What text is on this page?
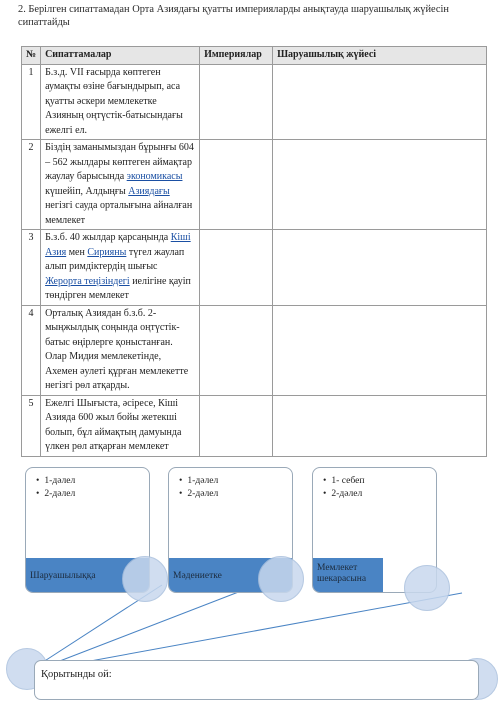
2. Берілген сипаттамадан Орта Азиядағы қуатты империяларды анықтауда шаруашылық жүйесін сипаттайды
№	Сипаттамалар	Империялар	Шаруашылық жүйесі
1	Б.з.д. VII ғасырда көптеген аумақты өзіне бағындырып, аса қуатты әскери мемлекетке Азияның оңтүстік-батысындағы ежелгі ел.		
2	Біздің заманымыздан бұрынғы 604 – 562 жылдары көптеген аймақтар жаулау барысында экономикасы күшейіп, Алдыңғы Азиядағы негізгі сауда орталығына айналған мемлекет		
3	Б.з.б. 40 жылдар қарсаңында Кіші Азия мен Сирияны түгел жаулап алып римдіктердің шығыс Жерорта теңізіндегі иелігіне қауіп төндірген мемлекет		
4	Орталық Азиядан б.з.б. 2-мыңжылдық соңында оңтүстік-батыс өңірлерге қоныстанған. Олар Мидия мемлекетінде, Ахемен әулеті құрған мемлекетте негізгі рөл атқарды.		
5	Ежелгі Шығыста, әсіресе, Кіші Азияда 600 жыл бойы жетекші болып, бұл аймақтың дамуында үлкен рөл атқарған мемлекет		
• 1-дәлел
• 2-дәлел
Шаруашылыққа
• 1-дәлел
• 2-дәлел
Мәдениетке
• 1- себеп
• 2-дәлел
Мемлекет шекарасына
Қорытынды ой:
